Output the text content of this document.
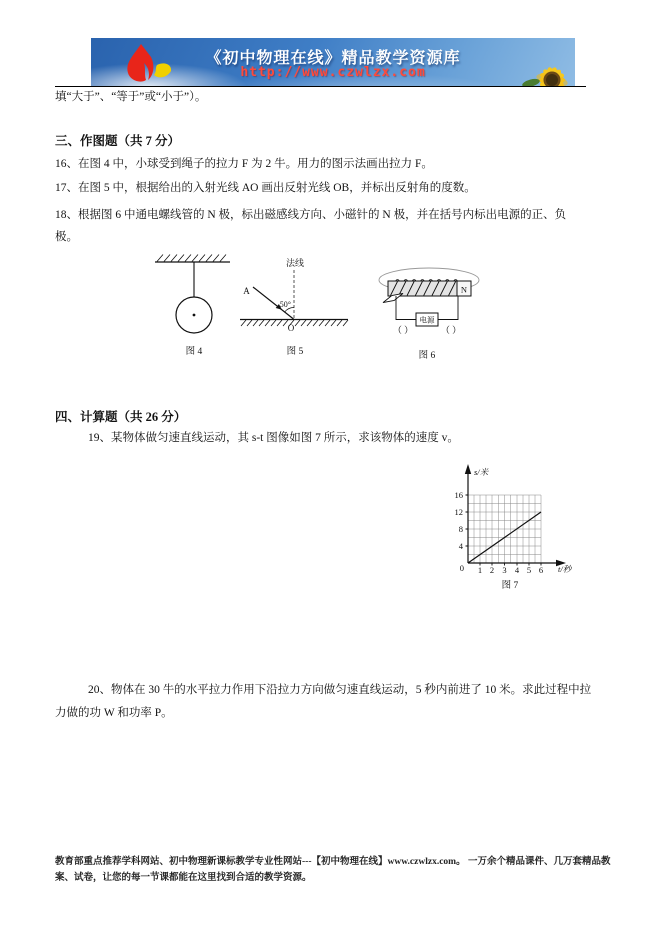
《初中物理在线》精品教学资源库
http://www.czwlzx.com
填“大于”、“等于”或“小于”）。
三、作图题（共 7 分）
16、在图 4 中，小球受到绳子的拉力 F 为 2 牛。用力的图示法画出拉力 F。
17、在图 5 中，根据给出的入射光线 AO 画出反射光线 OB，并标出反射角的度数。
18、根据图 6 中通电螺线管的 N 极，标出磁感线方向、小磁针的 N 极，并在括号内标出电源的正、负极。
图 4
法线
A
50°
O
图 5
N
电源
（ ）	（ ）
图 6
四、计算题（共 26 分）
19、某物体做匀速直线运动，其 s-t 图像如图 7 所示，求该物体的速度 v。
s/米
t/秒
16
12
8
4
0 1 2 3 4 5 6
图 7
20、物体在 30 牛的水平拉力作用下沿拉力方向做匀速直线运动，5 秒内前进了 10 米。求此过程中拉力做的功 W 和功率 P。
教育部重点推荐学科网站、初中物理新课标教学专业性网站---【初中物理在线】www.czwlzx.com。 一万余个精品课件、几万套精品教案、试卷，让您的每一节课都能在这里找到合适的教学资源。
